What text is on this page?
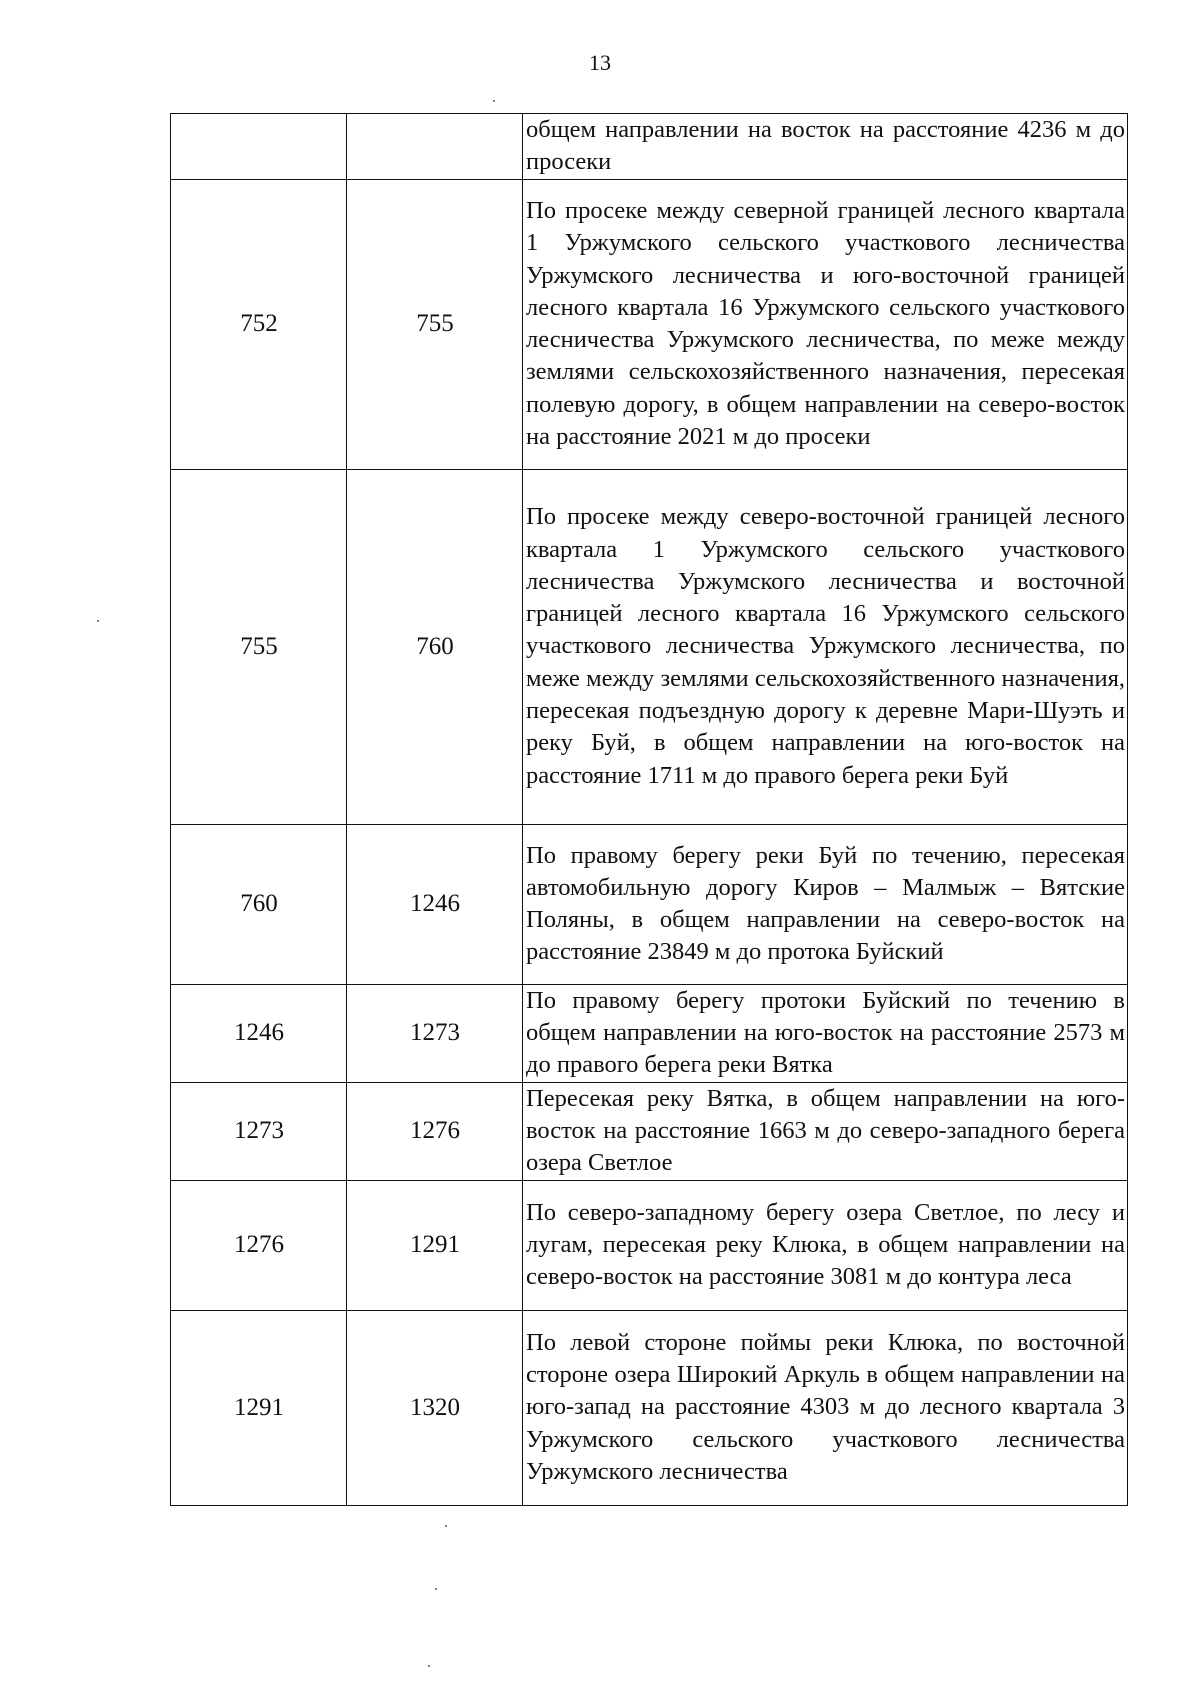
13
		общем направлении на восток на расстояние 4236 м до просеки
752	755	По просеке между северной границей лесного квартала 1 Уржумского сельского участкового лесничества Уржумского лесничества и юго-восточной границей лесного квартала 16 Уржумского сельского участкового лесничества Уржумского лесничества, по меже между землями сельскохозяйственного назначения, пересекая полевую дорогу, в общем направлении на северо-восток на расстояние 2021 м до просеки
755	760	По просеке между северо-восточной границей лесного квартала 1 Уржумского сельского участкового лесничества Уржумского лесничества и восточной границей лесного квартала 16 Уржумского сельского участкового лесничества Уржумского лесничества, по меже между землями сельскохозяйственного назначения, пересекая подъездную дорогу к деревне Мари-Шуэть и реку Буй, в общем направлении на юго-восток на расстояние 1711 м до правого берега реки Буй
760	1246	По правому берегу реки Буй по течению, пересекая автомобильную дорогу Киров – Малмыж – Вятские Поляны, в общем направлении на северо-восток на расстояние 23849 м до протока Буйский
1246	1273	По правому берегу протоки Буйский по течению в общем направлении на юго-восток на расстояние 2573 м до правого берега реки Вятка
1273	1276	Пересекая реку Вятка, в общем направлении на юго-восток на расстояние 1663 м до северо-западного берега озера Светлое
1276	1291	По северо-западному берегу озера Светлое, по лесу и лугам, пересекая реку Клюка, в общем направлении на северо-восток на расстояние 3081 м до контура леса
1291	1320	По левой стороне поймы реки Клюка, по восточной стороне озера Широкий Аркуль в общем направлении на юго-запад на расстояние 4303 м до лесного квартала 3 Уржумского сельского участкового лесничества Уржумского лесничества
